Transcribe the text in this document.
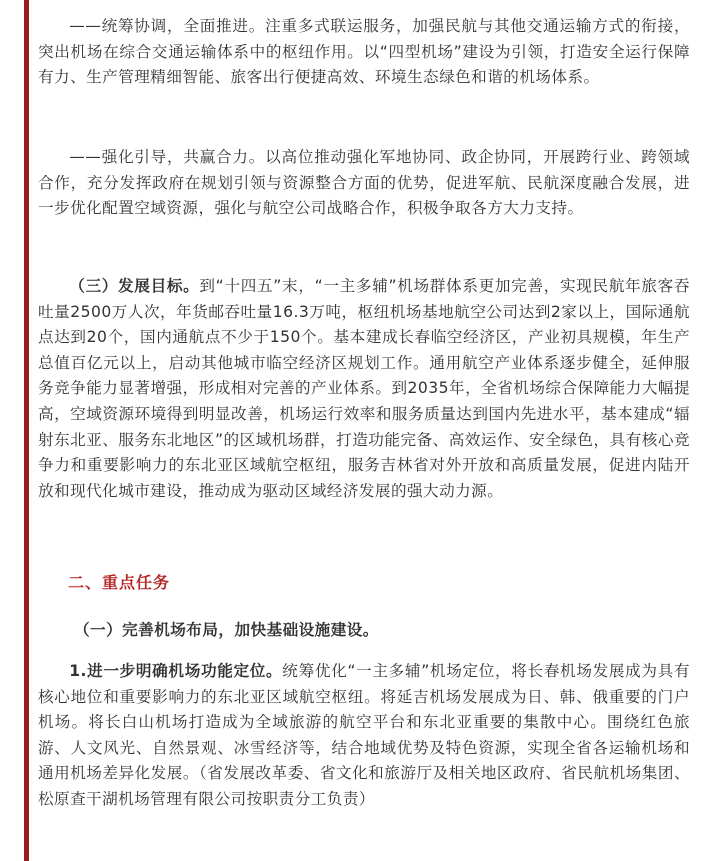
——统筹协调，全面推进。注重多式联运服务，加强民航与其他交通运输方式的衔接，突出机场在综合交通运输体系中的枢纽作用。以“四型机场”建设为引领，打造安全运行保障有力、生产管理精细智能、旅客出行便捷高效、环境生态绿色和谐的机场体系。

——强化引导，共赢合力。以高位推动强化军地协同、政企协同，开展跨行业、跨领域合作，充分发挥政府在规划引领与资源整合方面的优势，促进军航、民航深度融合发展，进一步优化配置空域资源，强化与航空公司战略合作，积极争取各方大力支持。

（三）发展目标。到“十四五”末，“一主多辅”机场群体系更加完善，实现民航年旅客吞吐量2500万人次，年货邮吞吐量16.3万吨，枢纽机场基地航空公司达到2家以上，国际通航点达到20个，国内通航点不少于150个。基本建成长春临空经济区，产业初具规模，年生产总值百亿元以上，启动其他城市临空经济区规划工作。通用航空产业体系逐步健全，延伸服务竞争能力显著增强，形成相对完善的产业体系。到2035年，全省机场综合保障能力大幅提高，空域资源环境得到明显改善，机场运行效率和服务质量达到国内先进水平，基本建成“辐射东北亚、服务东北地区”的区域机场群，打造功能完备、高效运作、安全绿色，具有核心竞争力和重要影响力的东北亚区域航空枢纽，服务吉林省对外开放和高质量发展，促进内陆开放和现代化城市建设，推动成为驱动区域经济发展的强大动力源。

二、重点任务
（一）完善机场布局，加快基础设施建设。

1.进一步明确机场功能定位。统筹优化“一主多辅”机场定位，将长春机场发展成为具有核心地位和重要影响力的东北亚区域航空枢纽。将延吉机场发展成为日、韩、俄重要的门户机场。将长白山机场打造成为全域旅游的航空平台和东北亚重要的集散中心。围绕红色旅游、人文风光、自然景观、冰雪经济等，结合地域优势及特色资源，实现全省各运输机场和通用机场差异化发展。（省发展改革委、省文化和旅游厅及相关地区政府、省民航机场集团、松原查干湖机场管理有限公司按职责分工负责）
